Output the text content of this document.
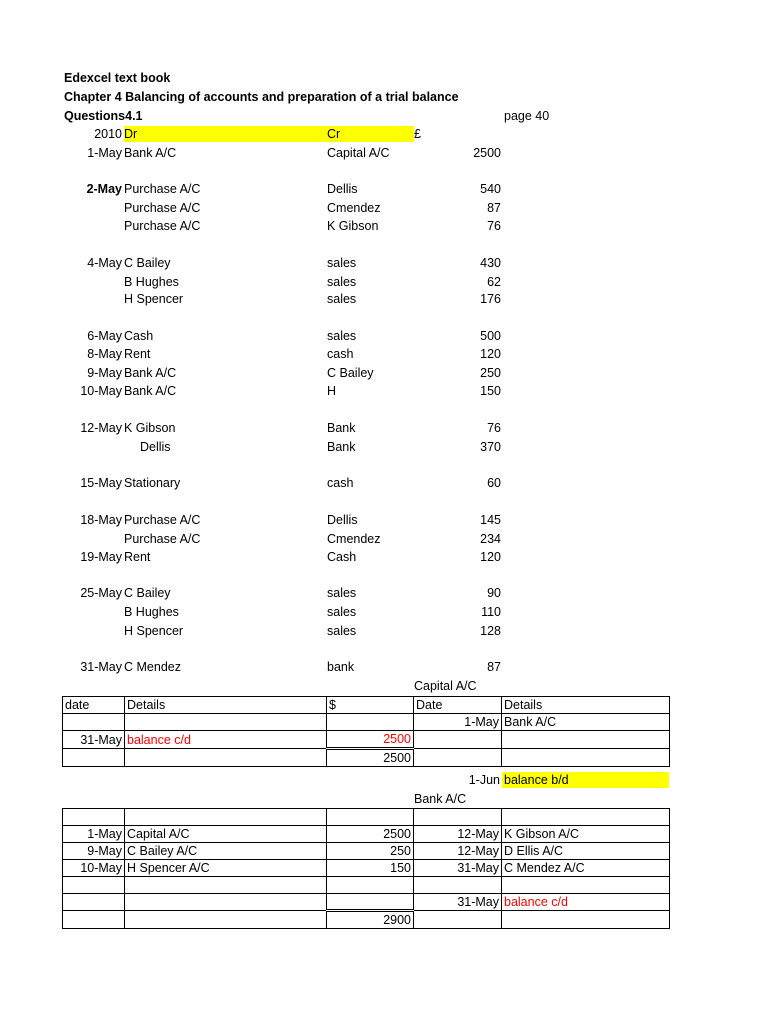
Edexcel text book
Chapter 4 Balancing of accounts and preparation of a trial balance
Questions4.1	page 40
2010 Dr	Cr	£
1-May Bank A/C	Capital A/C	2500
2-May Purchase A/C	Dellis	540
Purchase A/C	Cmendez	87
Purchase A/C	K Gibson	76
4-May C Bailey	sales	430
B Hughes	sales	62
H Spencer	sales	176
6-May Cash	sales	500
8-May Rent	cash	120
9-May Bank A/C	C Bailey	250
10-May Bank A/C	H	150
12-May K Gibson	Bank	76
Dellis	Bank	370
15-May Stationary	cash	60
18-May Purchase A/C	Dellis	145
Purchase A/C	Cmendez	234
19-May Rent	Cash	120
25-May C Bailey	sales	90
B Hughes	sales	110
H Spencer	sales	128
31-May C Mendez	bank	87
Capital A/C
date	Details	$	Date	Details
			1-May	Bank A/C
31-May	balance c/d	2500		
		2500		
1-Jun balance b/d
Bank A/C

1-May	Capital A/C	2500	12-May	K Gibson A/C
9-May	C Bailey A/C	250	12-May	D Ellis A/C
10-May	H Spencer A/C	150	31-May	C Mendez A/C

			31-May	balance c/d
		2900		
